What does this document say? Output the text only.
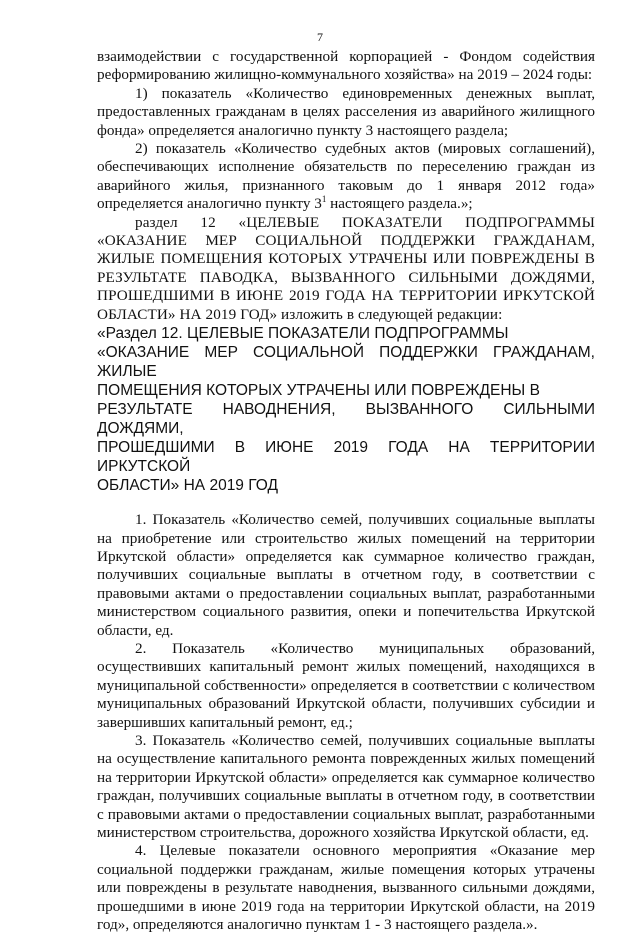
7

взаимодействии с государственной корпорацией - Фондом содействия реформированию жилищно-коммунального хозяйства» на 2019 – 2024 годы:

1) показатель «Количество единовременных денежных выплат, предоставленных гражданам в целях расселения из аварийного жилищного фонда» определяется аналогично пункту 3 настоящего раздела;

2) показатель «Количество судебных актов (мировых соглашений), обеспечивающих исполнение обязательств по переселению граждан из аварийного жилья, признанного таковым до 1 января 2012 года» определяется аналогично пункту $3^1$ настоящего раздела.»;

раздел 12 «ЦЕЛЕВЫЕ ПОКАЗАТЕЛИ ПОДПРОГРАММЫ «ОКАЗАНИЕ МЕР СОЦИАЛЬНОЙ ПОДДЕРЖКИ ГРАЖДАНАМ, ЖИЛЫЕ ПОМЕЩЕНИЯ КОТОРЫХ УТРАЧЕНЫ ИЛИ ПОВРЕЖДЕНЫ В РЕЗУЛЬТАТЕ ПАВОДКА, ВЫЗВАННОГО СИЛЬНЫМИ ДОЖДЯМИ, ПРОШЕДШИМИ В ИЮНЕ 2019 ГОДА НА ТЕРРИТОРИИ ИРКУТСКОЙ ОБЛАСТИ» НА 2019 ГОД» изложить в следующей редакции:

«Раздел 12. ЦЕЛЕВЫЕ ПОКАЗАТЕЛИ ПОДПРОГРАММЫ

«ОКАЗАНИЕ МЕР СОЦИАЛЬНОЙ ПОДДЕРЖКИ ГРАЖДАНАМ, ЖИЛЫЕ

ПОМЕЩЕНИЯ КОТОРЫХ УТРАЧЕНЫ ИЛИ ПОВРЕЖДЕНЫ В

РЕЗУЛЬТАТЕ НАВОДНЕНИЯ, ВЫЗВАННОГО СИЛЬНЫМИ ДОЖДЯМИ,

ПРОШЕДШИМИ В ИЮНЕ 2019 ГОДА НА ТЕРРИТОРИИ ИРКУТСКОЙ

ОБЛАСТИ» НА 2019 ГОД

1. Показатель «Количество семей, получивших социальные выплаты на приобретение или строительство жилых помещений на территории Иркутской области» определяется как суммарное количество граждан, получивших социальные выплаты в отчетном году, в соответствии с правовыми актами о предоставлении социальных выплат, разработанными министерством социального развития, опеки и попечительства Иркутской области, ед.

2. Показатель «Количество муниципальных образований, осуществивших капитальный ремонт жилых помещений, находящихся в муниципальной собственности» определяется в соответствии с количеством муниципальных образований Иркутской области, получивших субсидии и завершивших капитальный ремонт, ед.;

3. Показатель «Количество семей, получивших социальные выплаты на осуществление капитального ремонта поврежденных жилых помещений на территории Иркутской области» определяется как суммарное количество граждан, получивших социальные выплаты в отчетном году, в соответствии с правовыми актами о предоставлении социальных выплат, разработанными министерством строительства, дорожного хозяйства Иркутской области, ед.

4. Целевые показатели основного мероприятия «Оказание мер социальной поддержки гражданам, жилые помещения которых утрачены или повреждены в результате наводнения, вызванного сильными дождями, прошедшими в июне 2019 года на территории Иркутской области, на 2019 год», определяются аналогично пунктам 1 - 3 настоящего раздела.».
